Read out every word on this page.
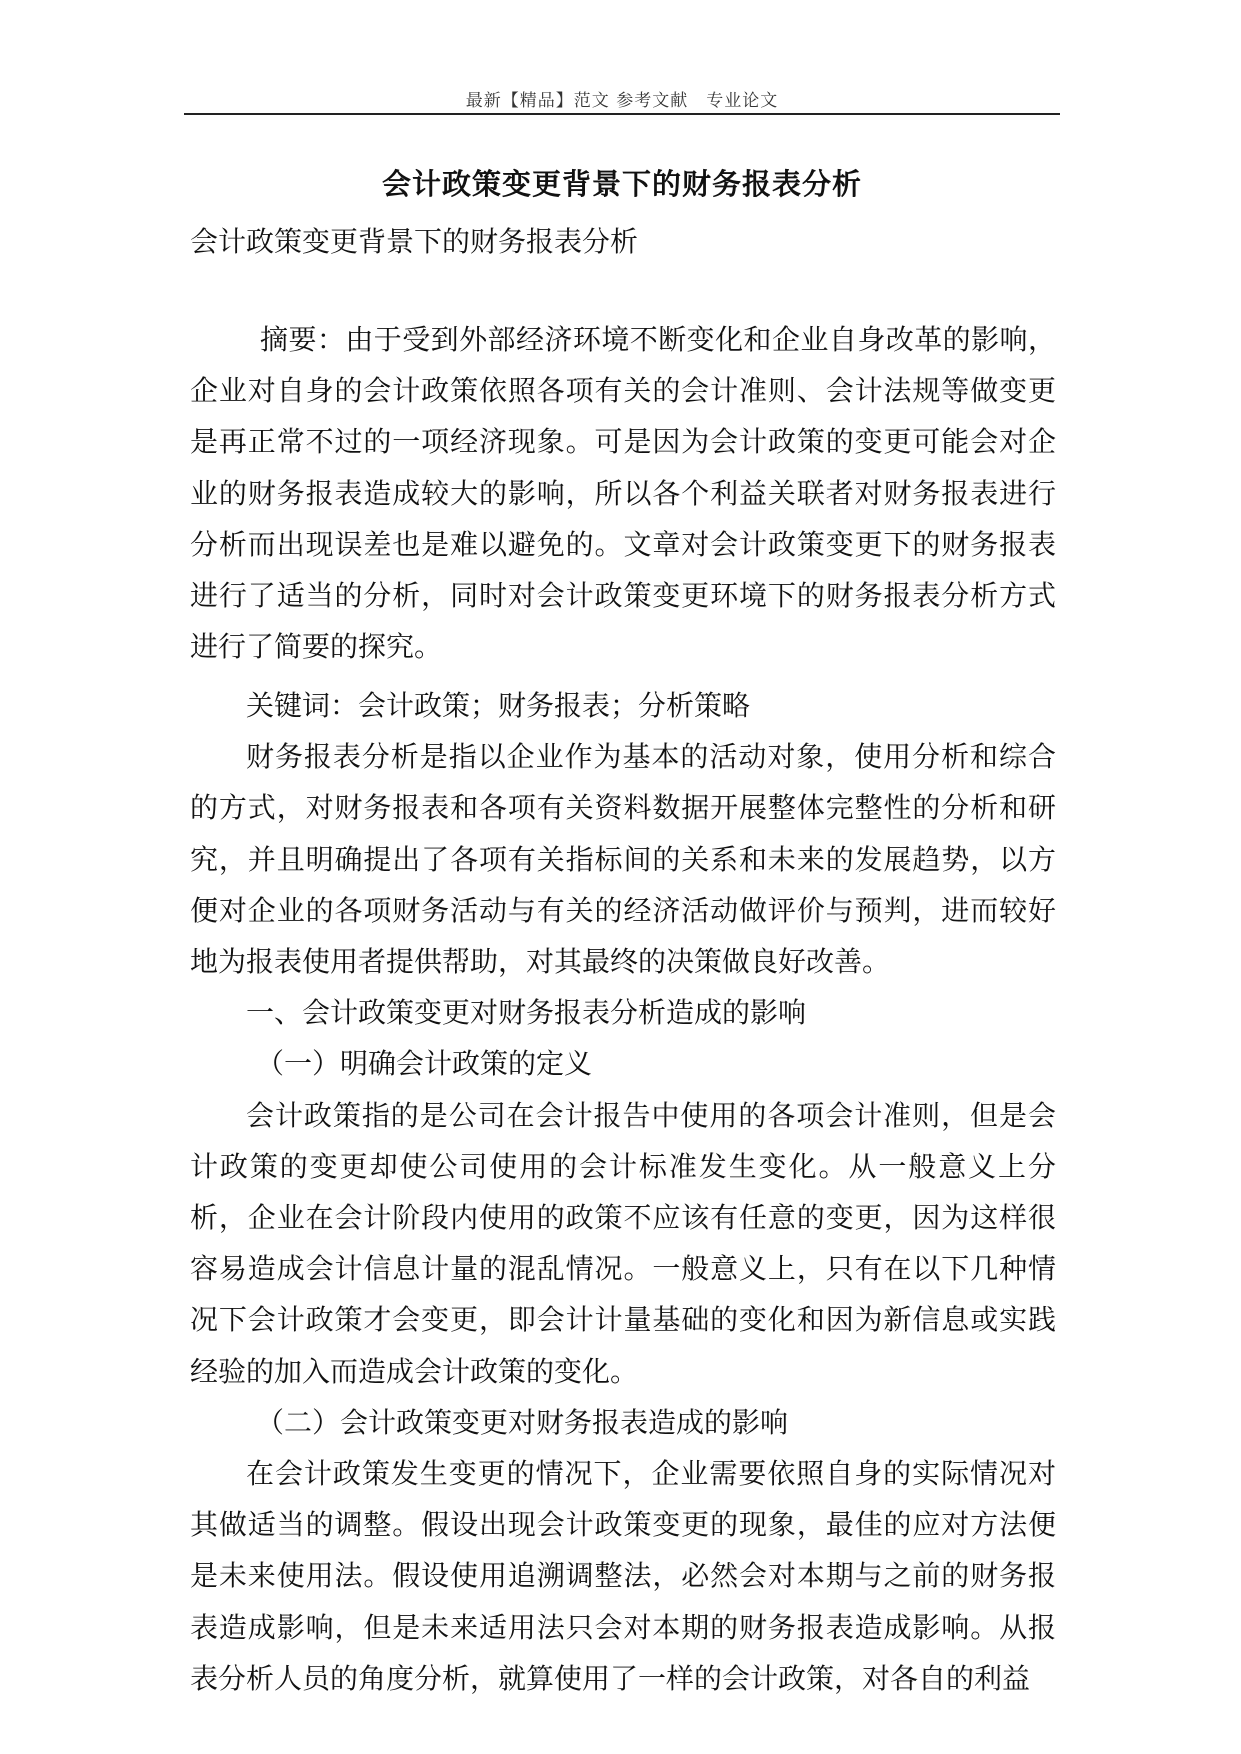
最新【精品】范文 参考文献　专业论文
会计政策变更背景下的财务报表分析
会计政策变更背景下的财务报表分析
摘要：由于受到外部经济环境不断变化和企业自身改革的影响，企业对自身的会计政策依照各项有关的会计准则、会计法规等做变更是再正常不过的一项经济现象。可是因为会计政策的变更可能会对企业的财务报表造成较大的影响，所以各个利益关联者对财务报表进行分析而出现误差也是难以避免的。文章对会计政策变更下的财务报表进行了适当的分析，同时对会计政策变更环境下的财务报表分析方式进行了简要的探究。

关键词：会计政策；财务报表；分析策略

财务报表分析是指以企业作为基本的活动对象，使用分析和综合的方式，对财务报表和各项有关资料数据开展整体完整性的分析和研究，并且明确提出了各项有关指标间的关系和未来的发展趋势，以方便对企业的各项财务活动与有关的经济活动做评价与预判，进而较好地为报表使用者提供帮助，对其最终的决策做良好改善。

一、会计政策变更对财务报表分析造成的影响

（一）明确会计政策的定义

会计政策指的是公司在会计报告中使用的各项会计准则，但是会计政策的变更却使公司使用的会计标准发生变化。从一般意义上分析，企业在会计阶段内使用的政策不应该有任意的变更，因为这样很容易造成会计信息计量的混乱情况。一般意义上，只有在以下几种情况下会计政策才会变更，即会计计量基础的变化和因为新信息或实践经验的加入而造成会计政策的变化。

（二）会计政策变更对财务报表造成的影响

在会计政策发生变更的情况下，企业需要依照自身的实际情况对其做适当的调整。假设出现会计政策变更的现象，最佳的应对方法便是未来使用法。假设使用追溯调整法，必然会对本期与之前的财务报表造成影响，但是未来适用法只会对本期的财务报表造成影响。从报表分析人员的角度分析，就算使用了一样的会计政策，对各自的利益
